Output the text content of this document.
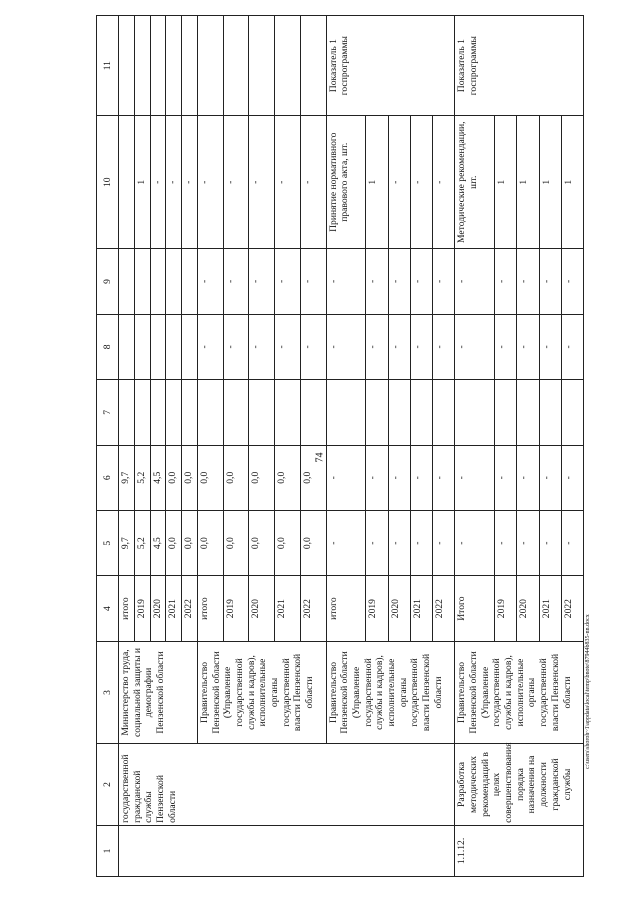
74
c:\users\shoroh~1\appdata\local\temp\bnote\87944b835-nn.docx
1	2	3	4	5	6	7	8	9	10	11
	государственной гражданской службы Пензенской области	Министерство труда, социальной защиты и демографии Пензенской области	итого	9,7	9,7					
			2019	5,2	5,2				1	
			2020	4,5	4,5				-	
			2021	0,0	0,0				-	
			2022	0,0	0,0				-	
		Правительство Пензенской области (Управление государственной службы и кадров), исполнительные органы государственной власти Пензенской области	итого	0,0	0,0		-	-	-	
			2019	0,0	0,0		-	-	-	
			2020	0,0	0,0		-	-	-	
			2021	0,0	0,0		-	-	-	
			2022	0,0	0,0		-	-	-	
		Правительство Пензенской области (Управление государственной службы и кадров), исполнительные органы государственной власти Пензенской области	итого	-	-		-	-	Принятие нормативного правового акта, шт.	Показатель 1 госпрограммы
			2019	-	-		-	-	1	
			2020	-	-		-	-	-	
			2021	-	-		-	-	-	
			2022	-	-		-	-	-	
1.1.12.	Разработка методических рекомендаций в целях совершенствования порядка назначения на должности гражданской службы	Правительство Пензенской области (Управление государственной службы и кадров), исполнительные органы государственной власти Пензенской области	Итого	-	-		-	-	Методические рекомендации, шт.	Показатель 1 госпрограммы
			2019	-	-		-	-	1	
			2020	-	-		-	-	1	
			2021	-	-		-	-	1	
			2022	-	-		-	-	1	
